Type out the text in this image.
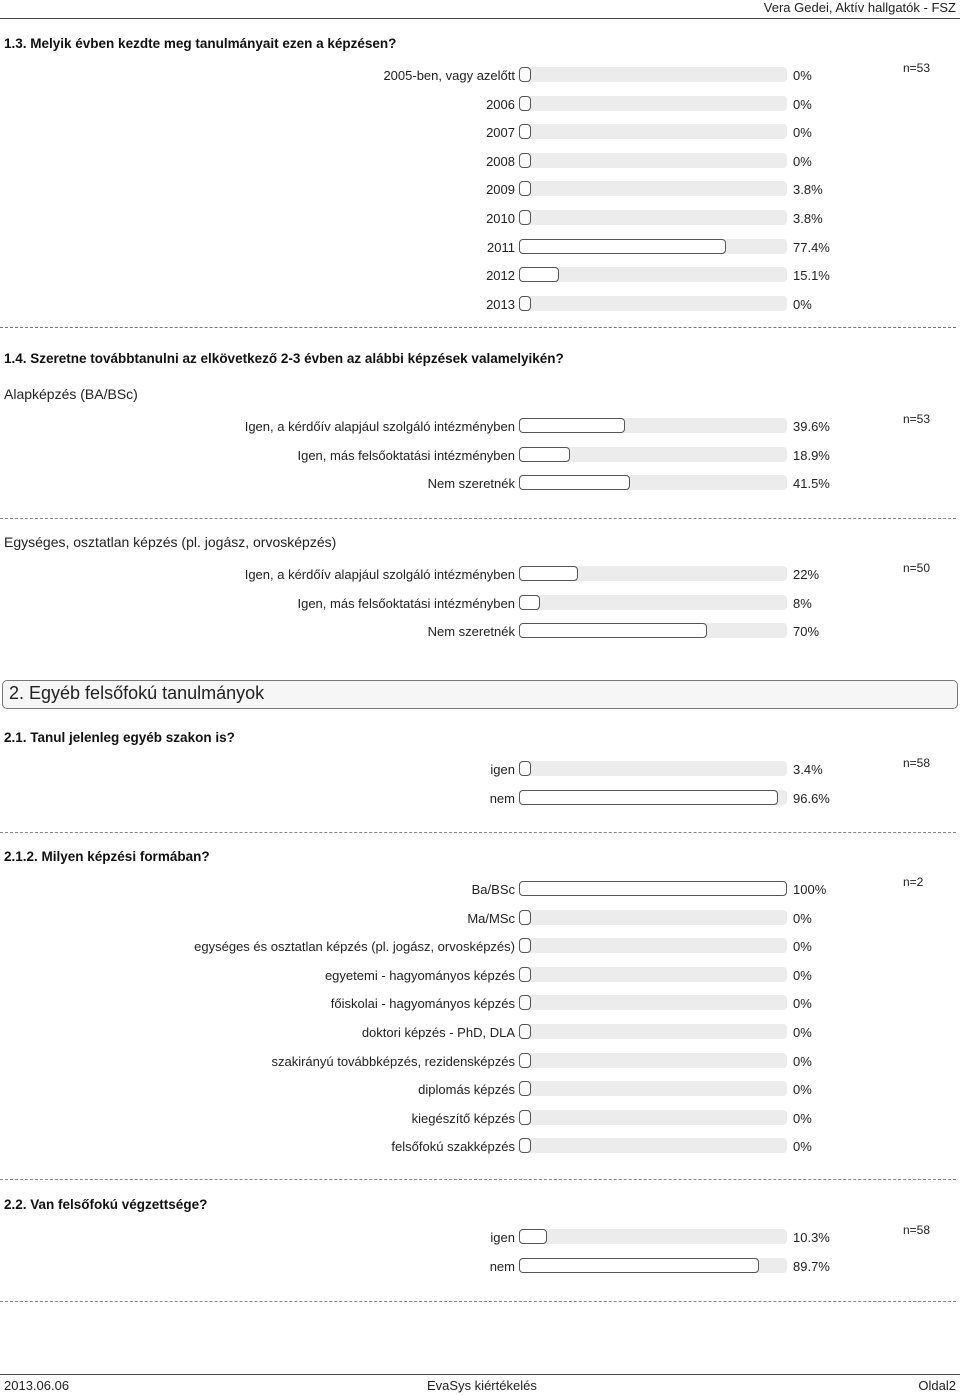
Vera Gedei, Aktív hallgatók - FSZ
1.3. Melyik évben kezdte meg tanulmányait ezen a képzésen?
n=53
2005-ben, vagy azelőtt	0%
2006	0%
2007	0%
2008	0%
2009	3.8%
2010	3.8%
2011	77.4%
2012	15.1%
2013	0%
1.4. Szeretne továbbtanulni az elkövetkező 2-3 évben az alábbi képzések valamelyikén?
Alapképzés (BA/BSc)
n=53
Igen, a kérdőív alapjául szolgáló intézményben	39.6%
Igen, más felsőoktatási intézményben	18.9%
Nem szeretnék	41.5%
Egységes, osztatlan képzés (pl. jogász, orvosképzés)
n=50
Igen, a kérdőív alapjául szolgáló intézményben	22%
Igen, más felsőoktatási intézményben	8%
Nem szeretnék	70%
2. Egyéb felsőfokú tanulmányok
2.1. Tanul jelenleg egyéb szakon is?
n=58
igen	3.4%
nem	96.6%
2.1.2. Milyen képzési formában?
n=2
Ba/BSc	100%
Ma/MSc	0%
egységes és osztatlan képzés (pl. jogász, orvosképzés)	0%
egyetemi - hagyományos képzés	0%
főiskolai - hagyományos képzés	0%
doktori képzés - PhD, DLA	0%
szakirányú továbbképzés, rezidensképzés	0%
diplomás képzés	0%
kiegészítő képzés	0%
felsőfokú szakképzés	0%
2.2. Van felsőfokú végzettsége?
n=58
igen	10.3%
nem	89.7%
2013.06.06	EvaSys kiértékelés	Oldal2
